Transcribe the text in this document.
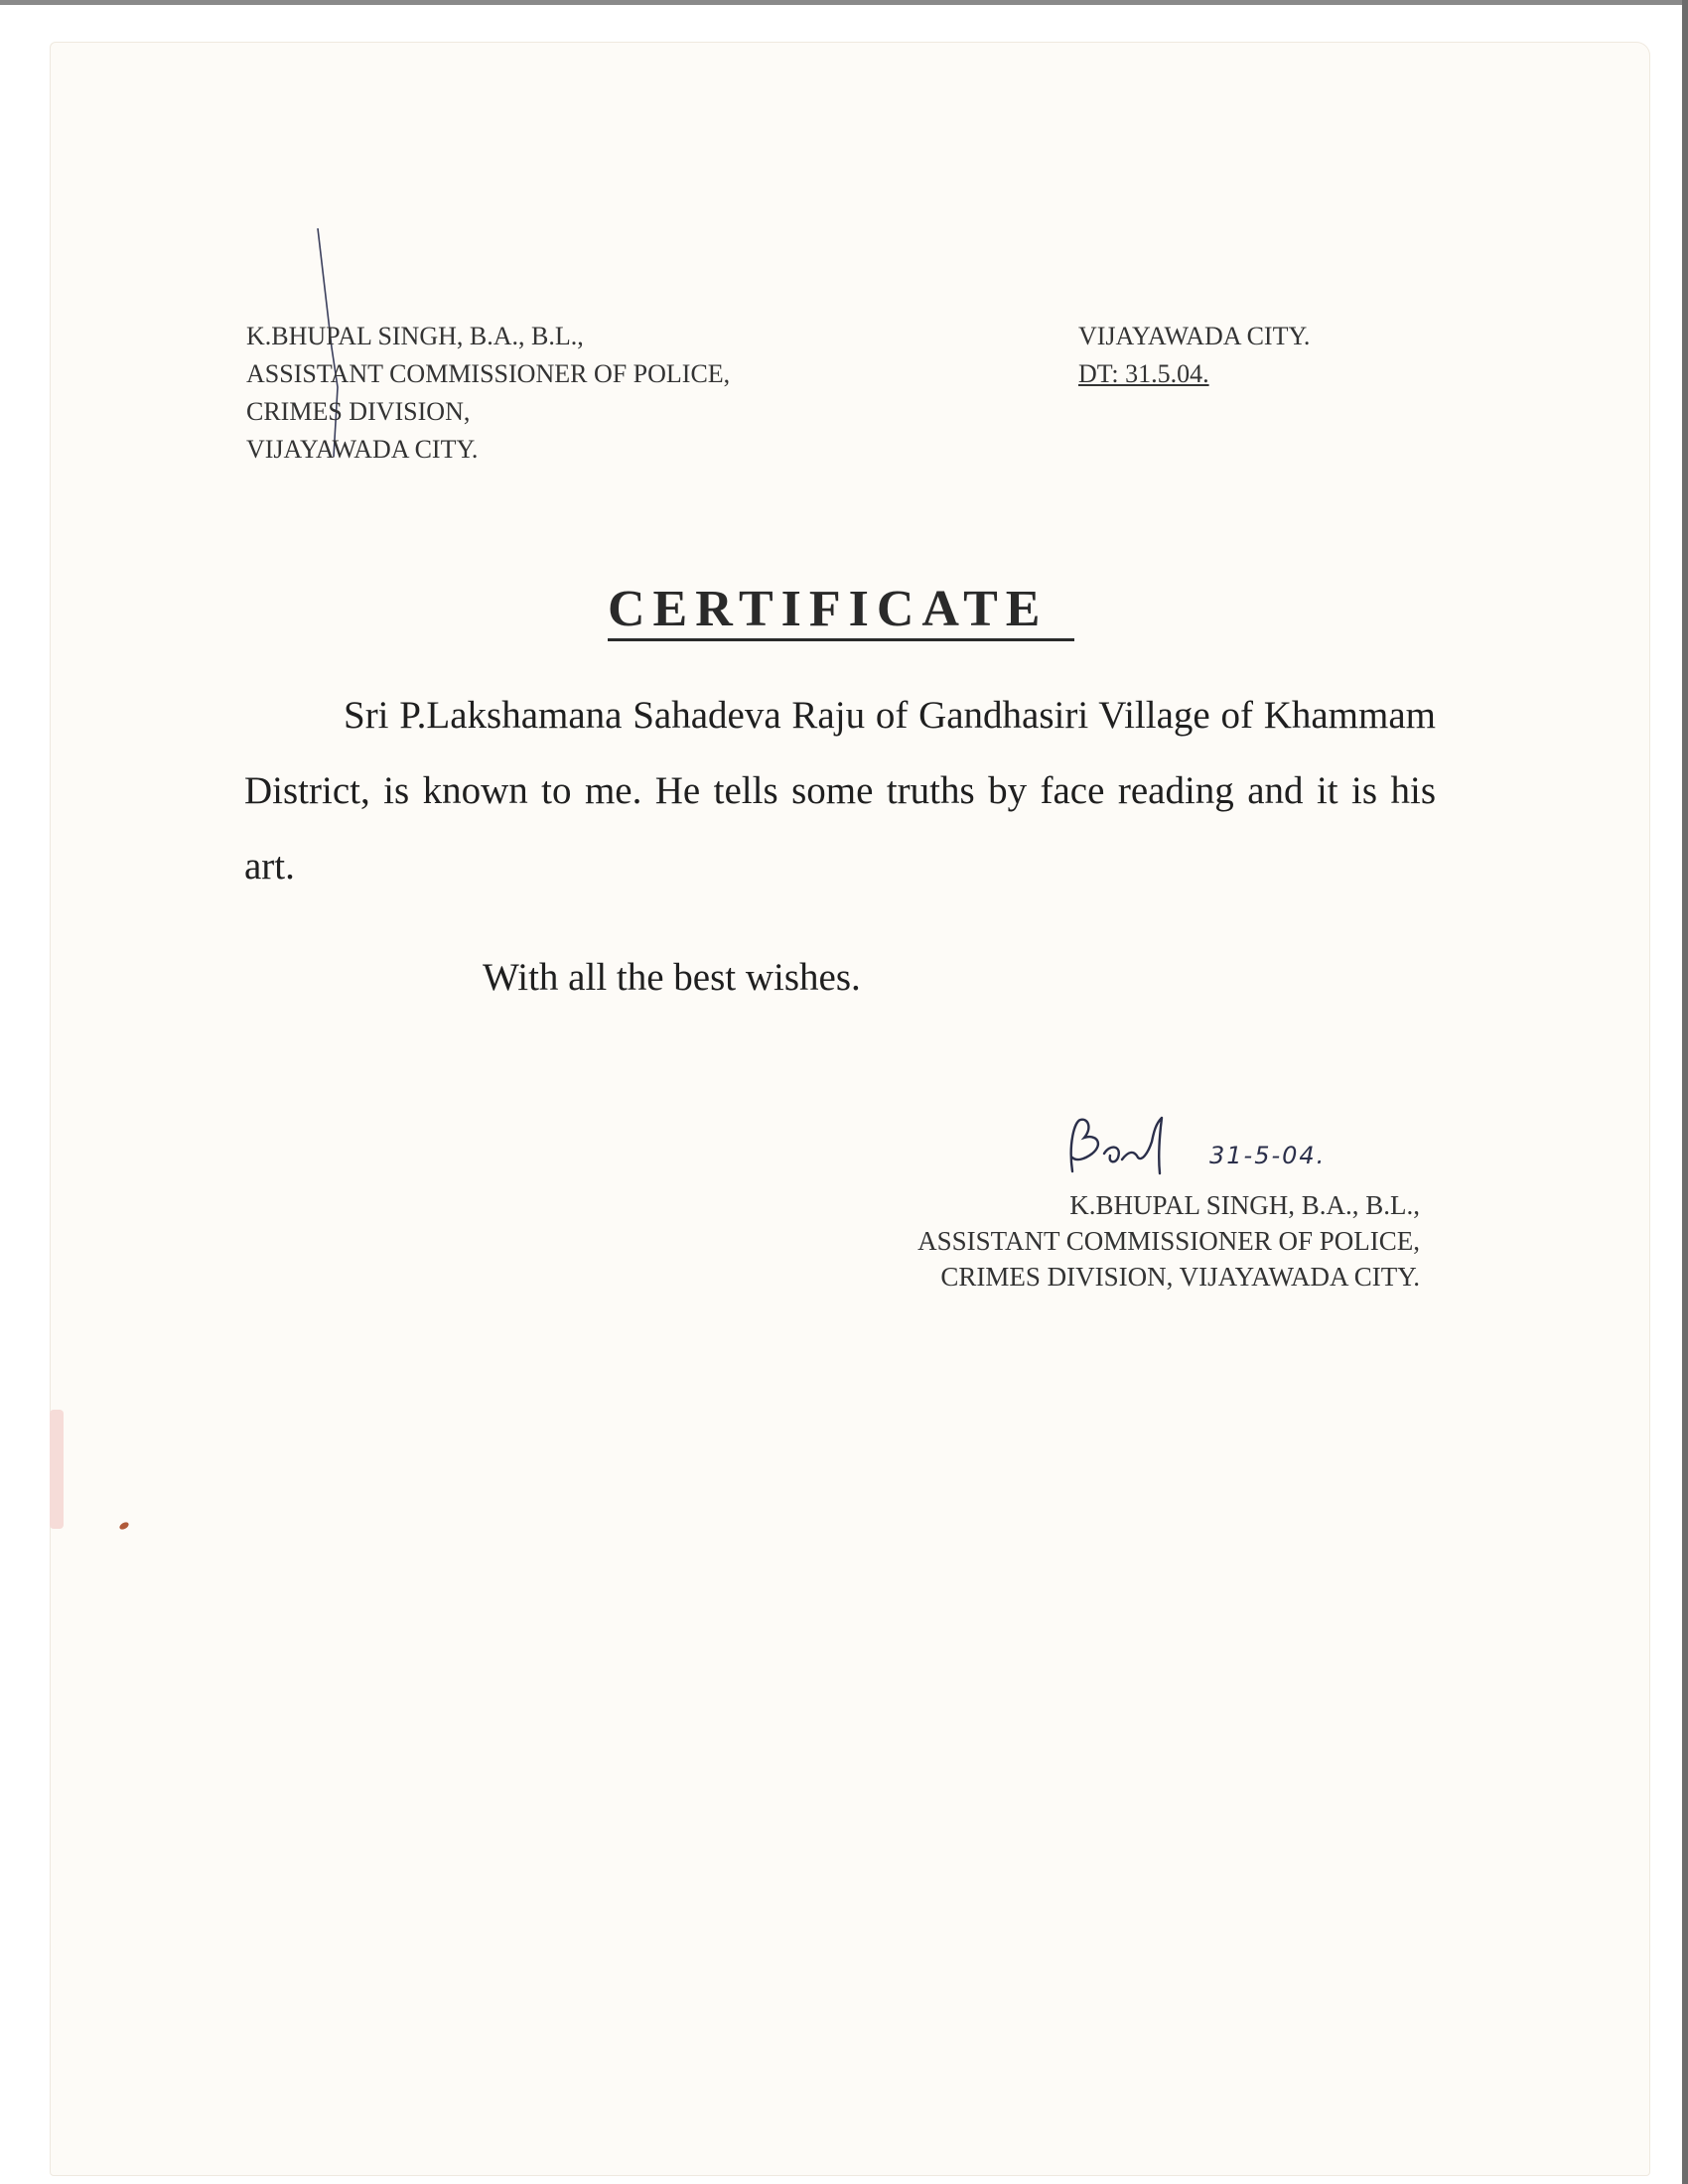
K.BHUPAL SINGH, B.A., B.L.,
ASSISTANT COMMISSIONER OF POLICE,
CRIMES DIVISION,
VIJAYAWADA CITY.
VIJAYAWADA CITY.
DT: 31.5.04.
CERTIFICATE

Sri P.Lakshamana Sahadeva Raju of Gandhasiri Village of Khammam District, is known to me. He tells some truths by face reading and it is his art.

With all the best wishes.
31-5-04.
K.BHUPAL SINGH, B.A., B.L.,
ASSISTANT COMMISSIONER OF POLICE,
CRIMES DIVISION, VIJAYAWADA CITY.
